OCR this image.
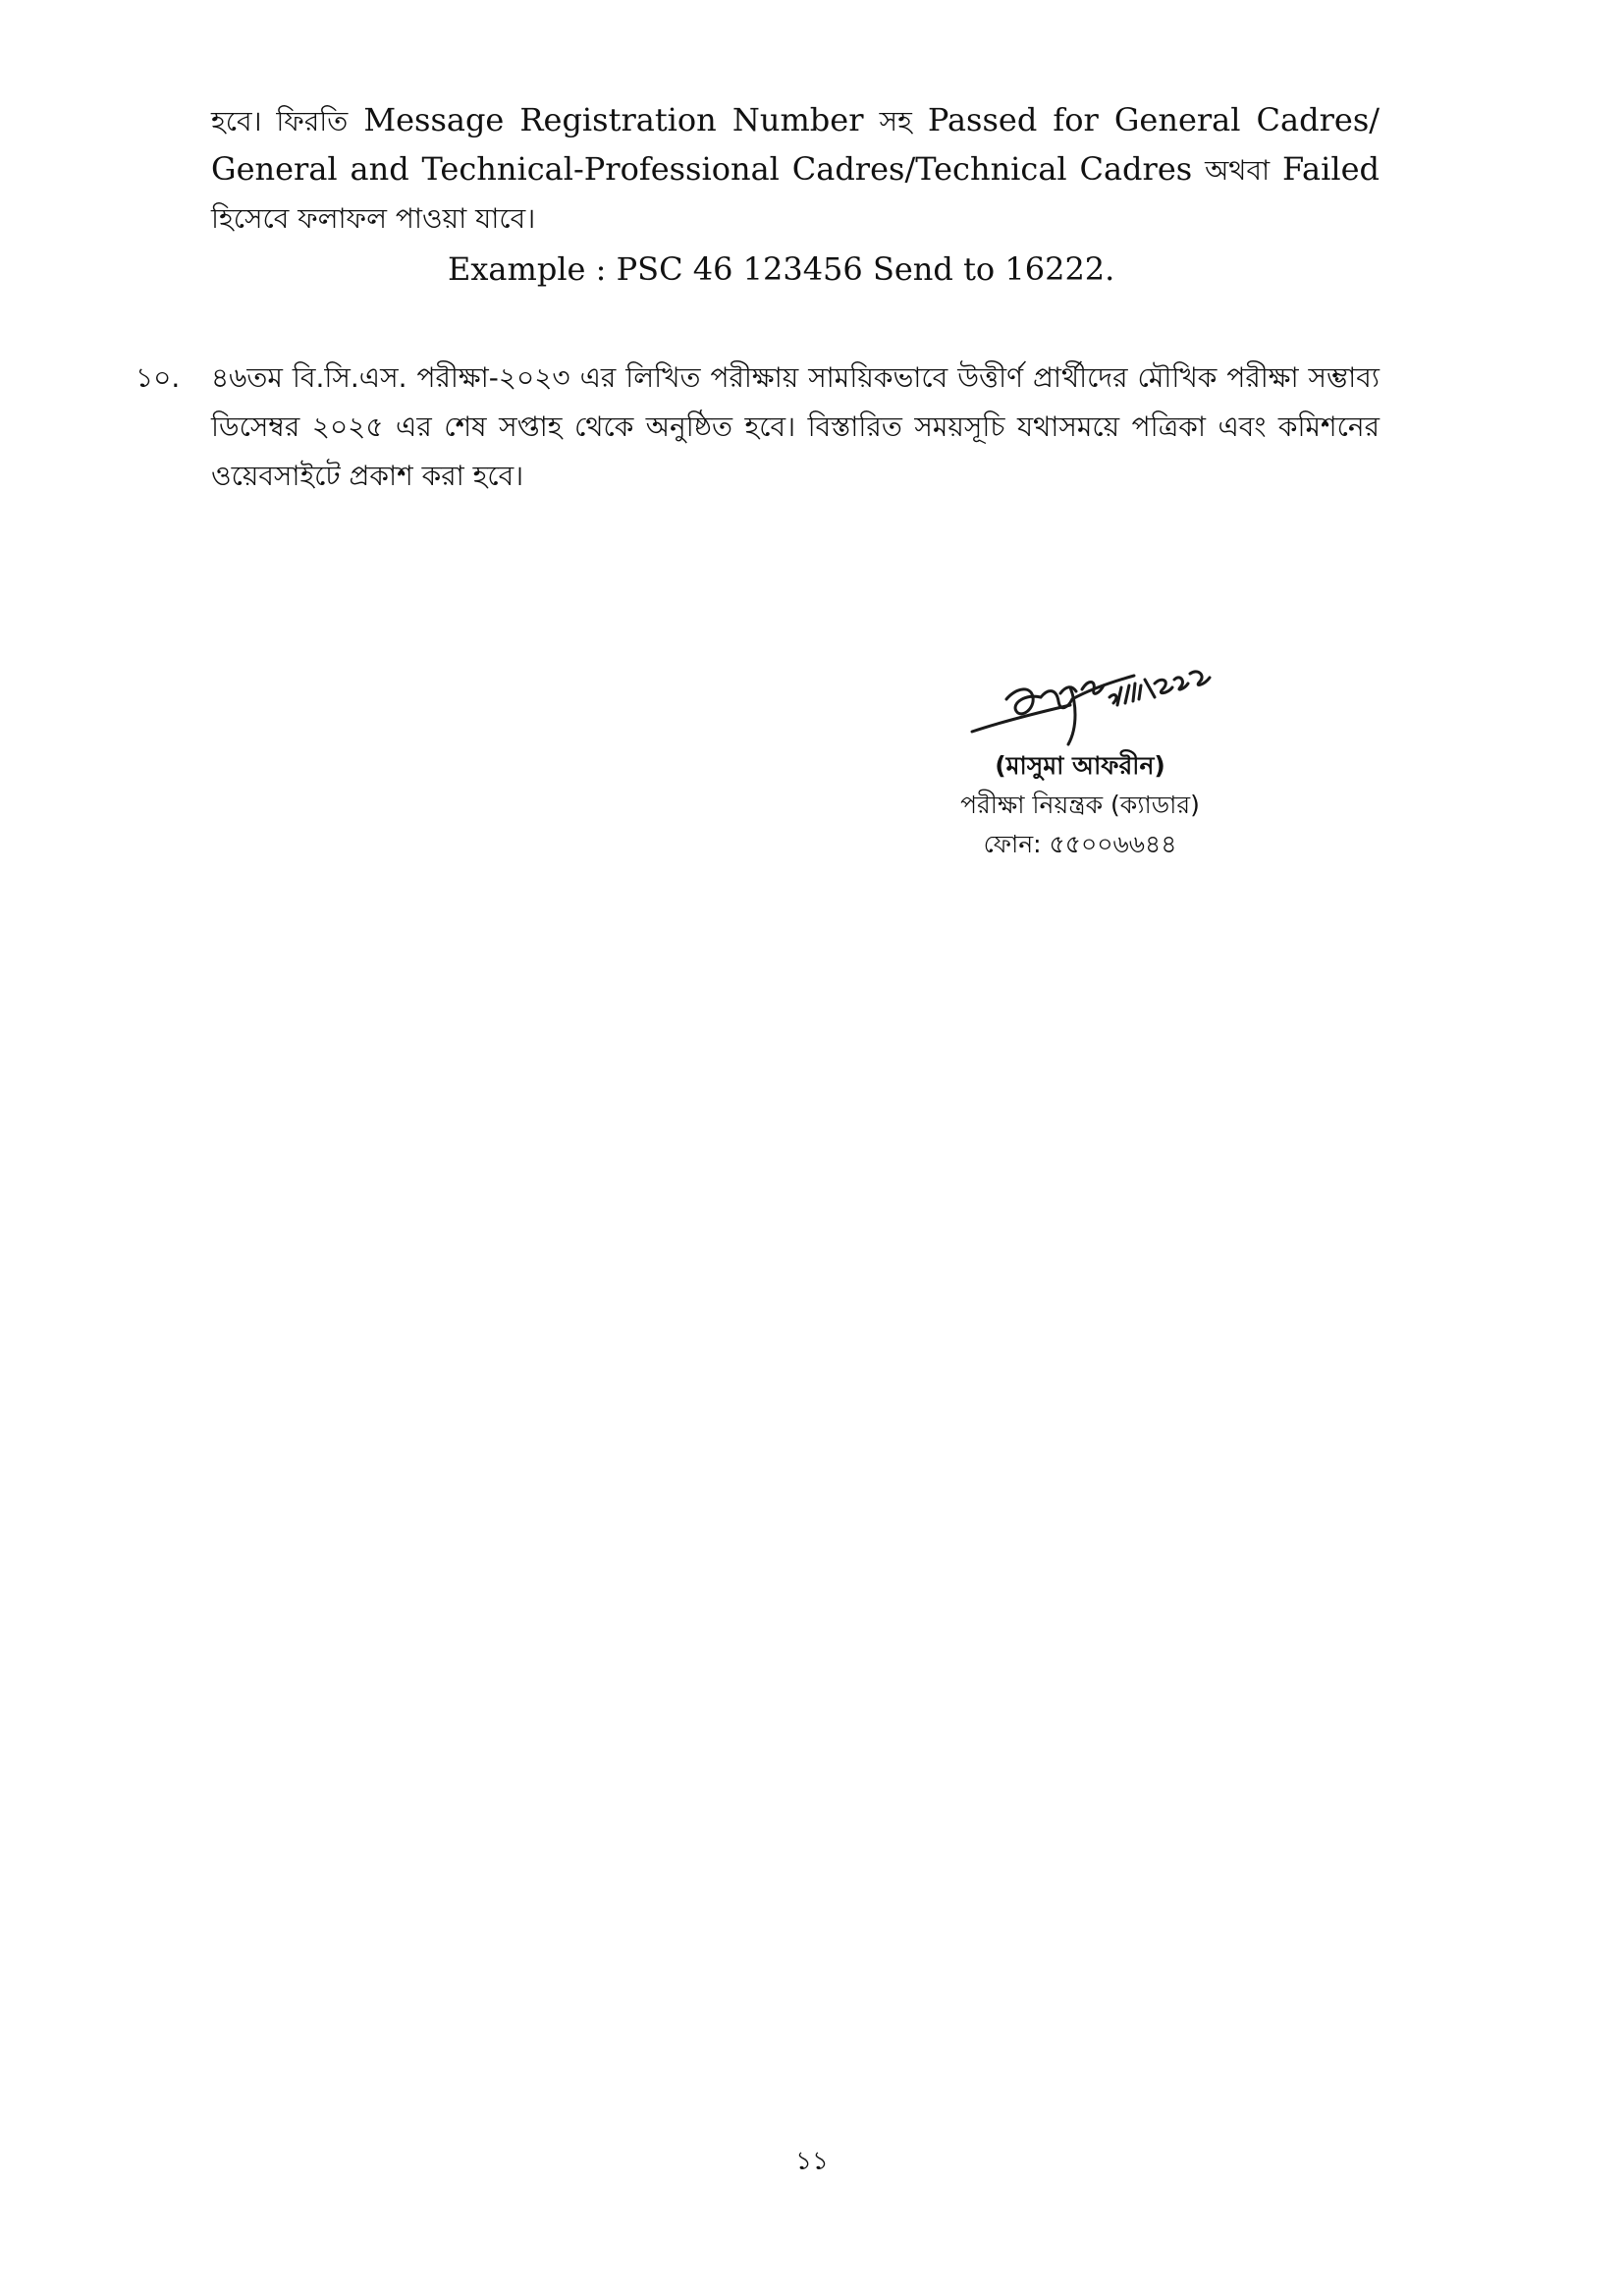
হবে। ফিরতি Message Registration Number সহ Passed for General Cadres/
General and Technical-Professional Cadres/Technical Cadres অথবা Failed
হিসেবে ফলাফল পাওয়া যাবে।
Example : PSC 46 123456 Send to 16222.
১০.	৪৬তম বি.সি.এস. পরীক্ষা-২০২৩ এর লিখিত পরীক্ষায় সাময়িকভাবে উত্তীর্ণ প্রার্থীদের মৌখিক পরীক্ষা সম্ভাব্য
ডিসেম্বর ২০২৫ এর শেষ সপ্তাহ থেকে অনুষ্ঠিত হবে। বিস্তারিত সময়সূচি যথাসময়ে পত্রিকা এবং কমিশনের
ওয়েবসাইটে প্রকাশ করা হবে।
(মাসুমা আফরীন)
পরীক্ষা নিয়ন্ত্রক (ক্যাডার)
ফোন: ৫৫০০৬৬৪৪
১১
